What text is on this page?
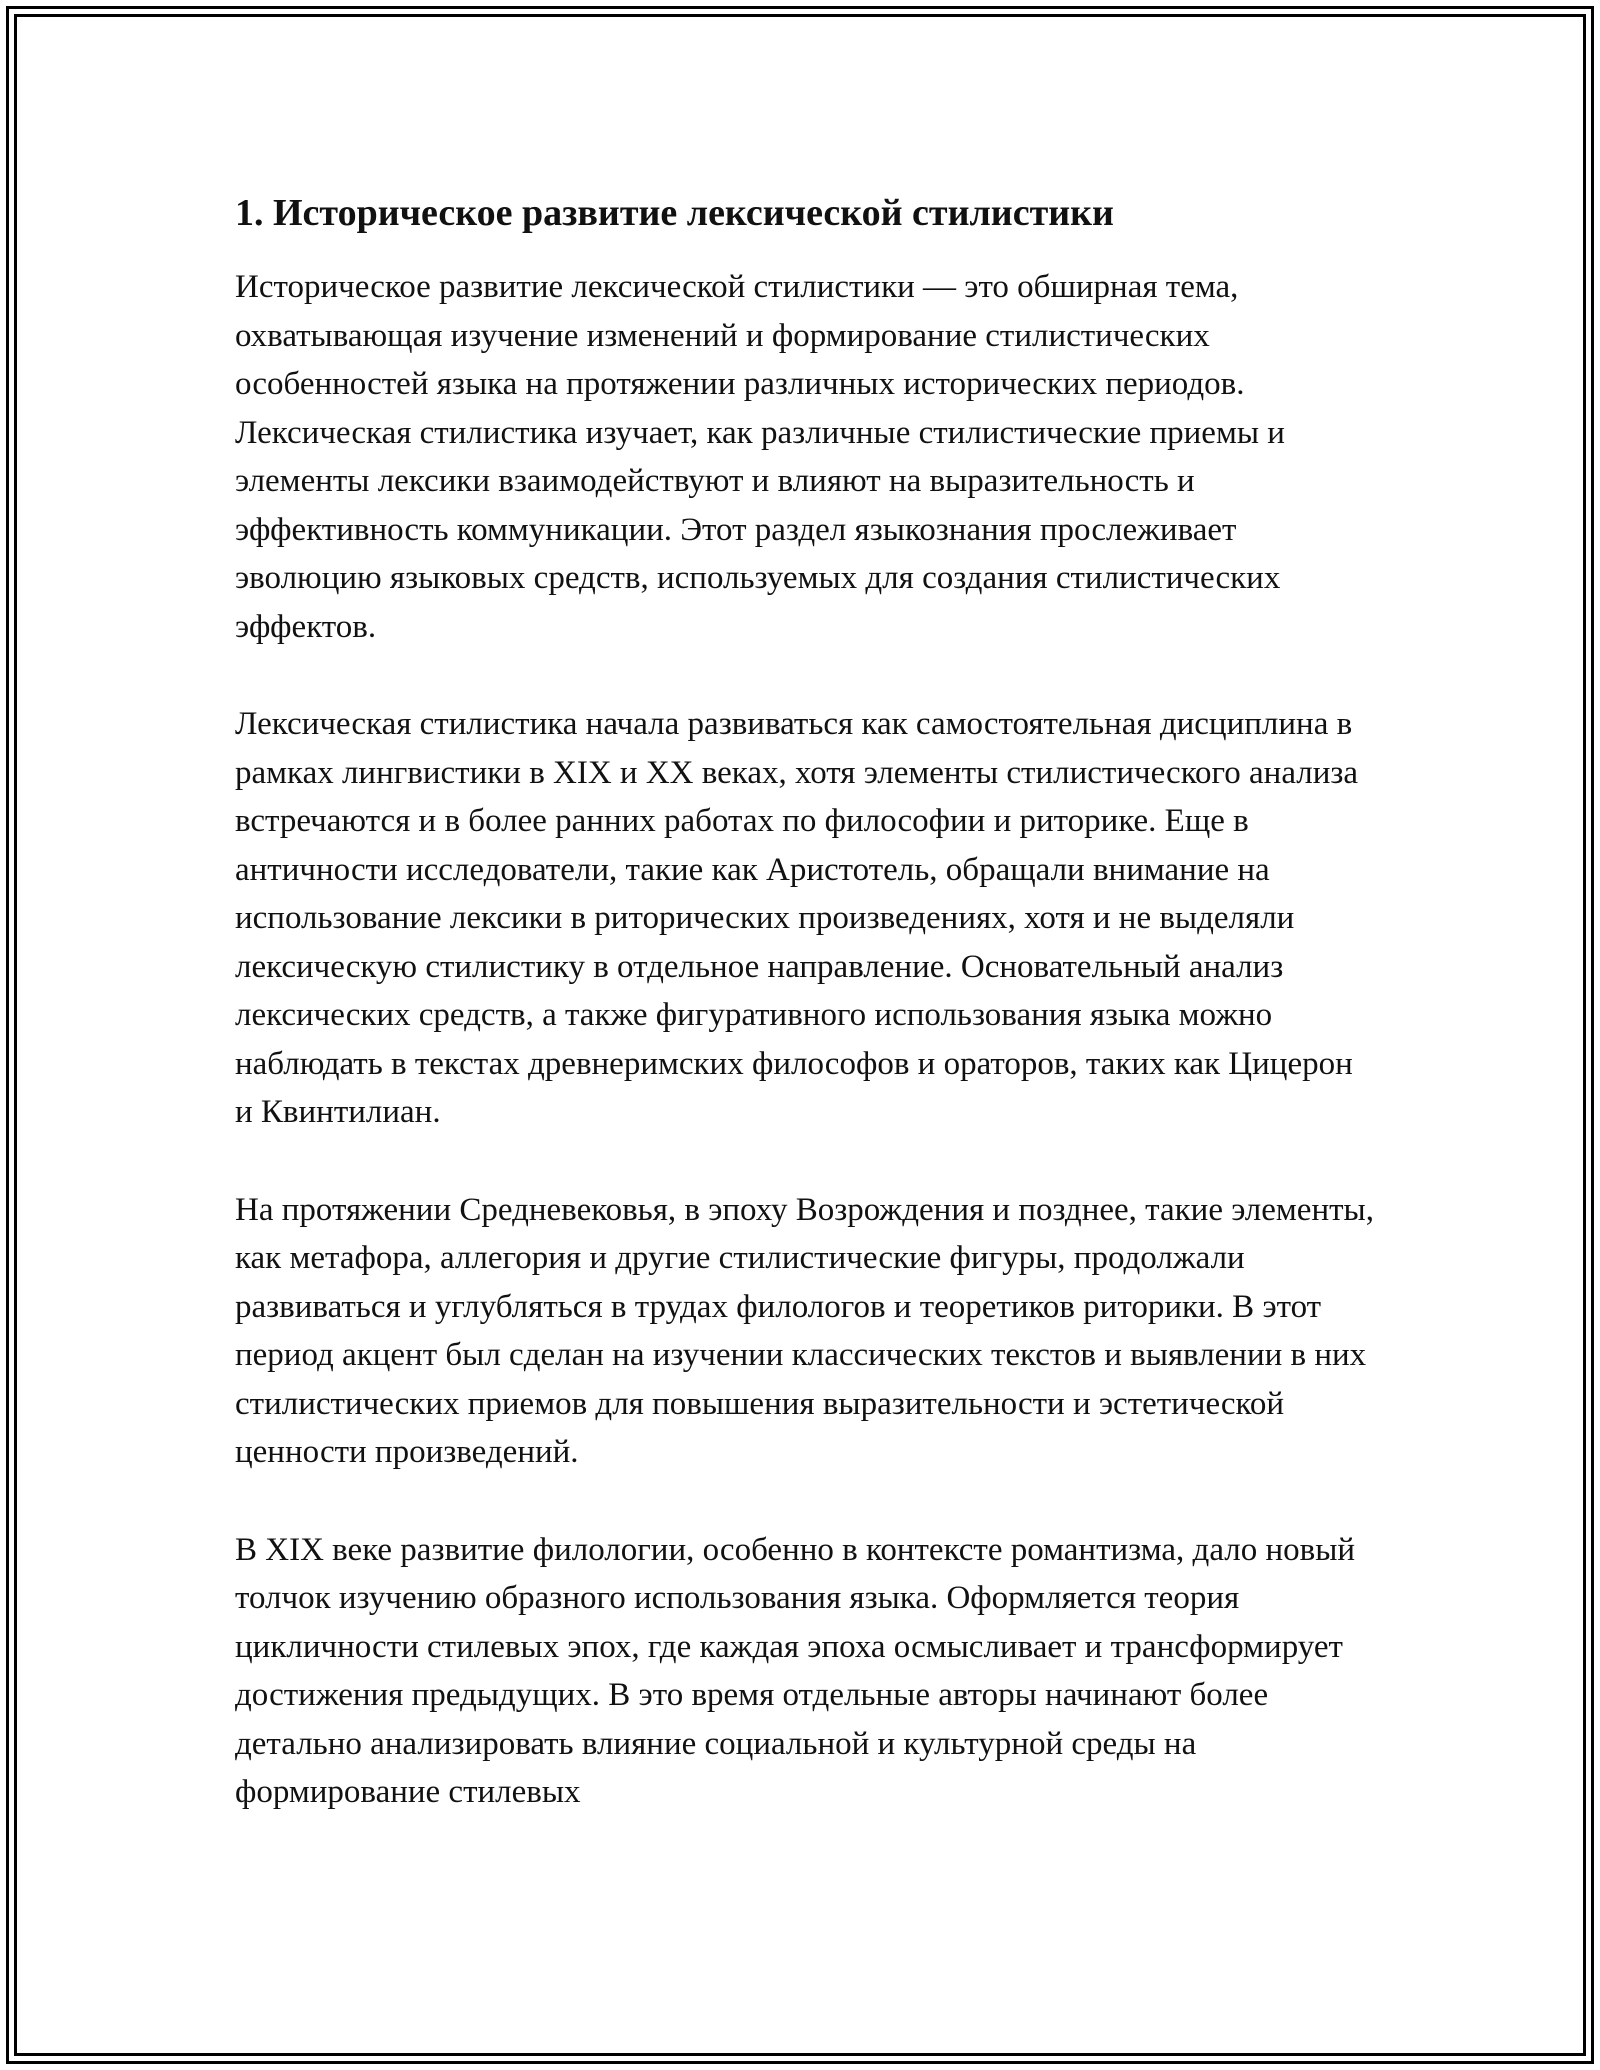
1. Историческое развитие лексической стилистики

Историческое развитие лексической стилистики — это обширная тема, охватывающая изучение изменений и формирование стилистических особенностей языка на протяжении различных исторических периодов. Лексическая стилистика изучает, как различные стилистические приемы и элементы лексики взаимодействуют и влияют на выразительность и эффективность коммуникации. Этот раздел языкознания прослеживает эволюцию языковых средств, используемых для создания стилистических эффектов.

Лексическая стилистика начала развиваться как самостоятельная дисциплина в рамках лингвистики в XIX и XX веках, хотя элементы стилистического анализа встречаются и в более ранних работах по философии и риторике. Еще в античности исследователи, такие как Аристотель, обращали внимание на использование лексики в риторических произведениях, хотя и не выделяли лексическую стилистику в отдельное направление. Основательный анализ лексических средств, а также фигуративного использования языка можно наблюдать в текстах древнеримских философов и ораторов, таких как Цицерон и Квинтилиан.

На протяжении Средневековья, в эпоху Возрождения и позднее, такие элементы, как метафора, аллегория и другие стилистические фигуры, продолжали развиваться и углубляться в трудах филологов и теоретиков риторики. В этот период акцент был сделан на изучении классических текстов и выявлении в них стилистических приемов для повышения выразительности и эстетической ценности произведений.

В XIX веке развитие филологии, особенно в контексте романтизма, дало новый толчок изучению образного использования языка. Оформляется теория цикличности стилевых эпох, где каждая эпоха осмысливает и трансформирует достижения предыдущих. В это время отдельные авторы начинают более детально анализировать влияние социальной и культурной среды на формирование стилевых
